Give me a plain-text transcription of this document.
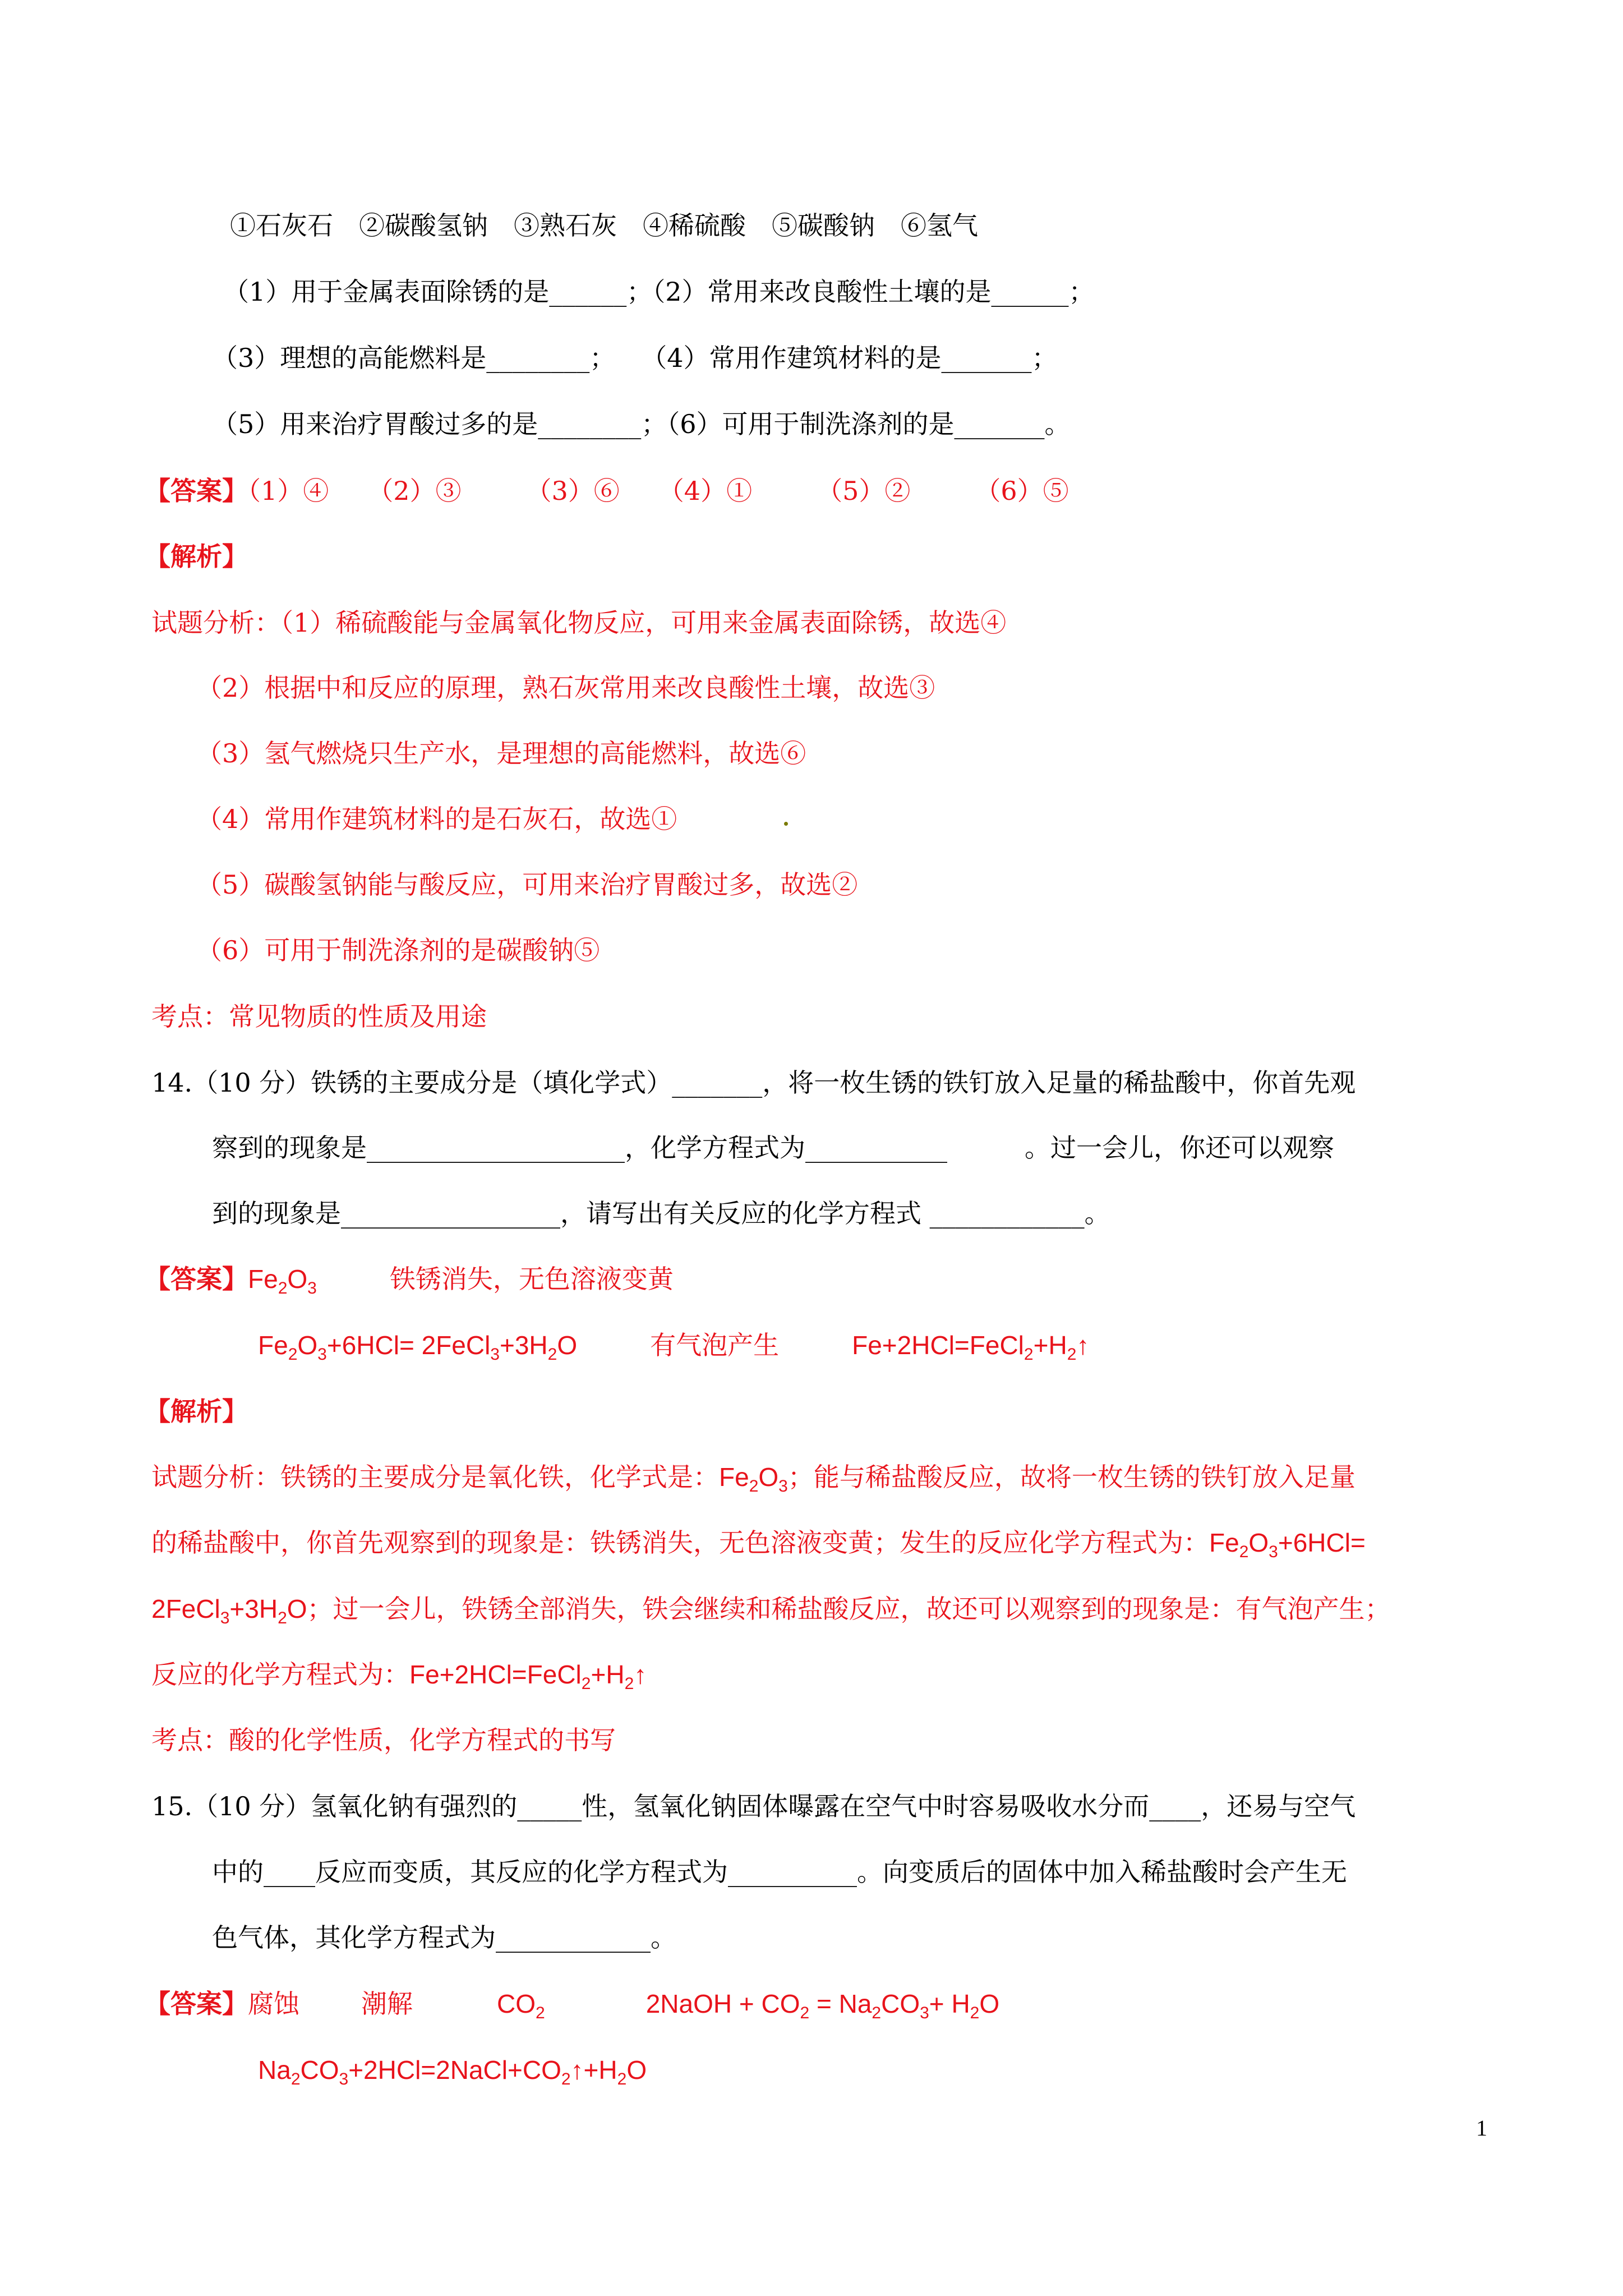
①石灰石　②碳酸氢钠　③熟石灰　④稀硫酸　⑤碳酸钠　⑥氢气
（1）用于金属表面除锈的是______；（2）常用来改良酸性土壤的是______；
（3）理想的高能燃料是________；　　（4）常用作建筑材料的是_______；
（5）用来治疗胃酸过多的是________；（6）可用于制洗涤剂的是_______。
【答案】（1）④　　（2）③　　　（3）⑥　　（4）①　　　（5）②　　　（6）⑤
【解析】
试题分析：（1）稀硫酸能与金属氧化物反应，可用来金属表面除锈，故选④
（2）根据中和反应的原理，熟石灰常用来改良酸性土壤，故选③
（3）氢气燃烧只生产水，是理想的高能燃料，故选⑥
（4）常用作建筑材料的是石灰石，故选①
（5）碳酸氢钠能与酸反应，可用来治疗胃酸过多，故选②
（6）可用于制洗涤剂的是碳酸钠⑤
考点：常见物质的性质及用途
14.（10 分）铁锈的主要成分是（填化学式）_______，将一枚生锈的铁钉放入足量的稀盐酸中，你首先观
察到的现象是____________________，化学方程式为___________　　　。过一会儿，你还可以观察
到的现象是_________________，请写出有关反应的化学方程式 ____________。
【答案】$Fe_2O_3$	铁锈消失，无色溶液变黄
$Fe_2O_3+6HCl=$ $2FeCl_3+3H_2O$	有气泡产生	$Fe+2HCl=FeCl_2+H_2↑$
【解析】
试题分析：铁锈的主要成分是氧化铁，化学式是：$Fe_2O_3$；能与稀盐酸反应，故将一枚生锈的铁钉放入足量
的稀盐酸中，你首先观察到的现象是：铁锈消失，无色溶液变黄；发生的反应化学方程式为：$Fe_2O_3+6HCl=$
$2FeCl_3+3H_2O$；过一会儿，铁锈全部消失，铁会继续和稀盐酸反应，故还可以观察到的现象是：有气泡产生；
反应的化学方程式为：$Fe+2HCl=FeCl_2+H_2↑$
考点：酸的化学性质，化学方程式的书写
15.（10 分）氢氧化钠有强烈的_____性，氢氧化钠固体曝露在空气中时容易吸收水分而____，还易与空气
中的____反应而变质，其反应的化学方程式为__________。向变质后的固体中加入稀盐酸时会产生无
色气体，其化学方程式为____________。
【答案】腐蚀 潮解	$CO_2$	2NaOH + $CO_2 = Na_2CO_3+ H_2O$
$Na_2CO_3+2HCl=2NaCl+CO_2↑+H_2O$
1
